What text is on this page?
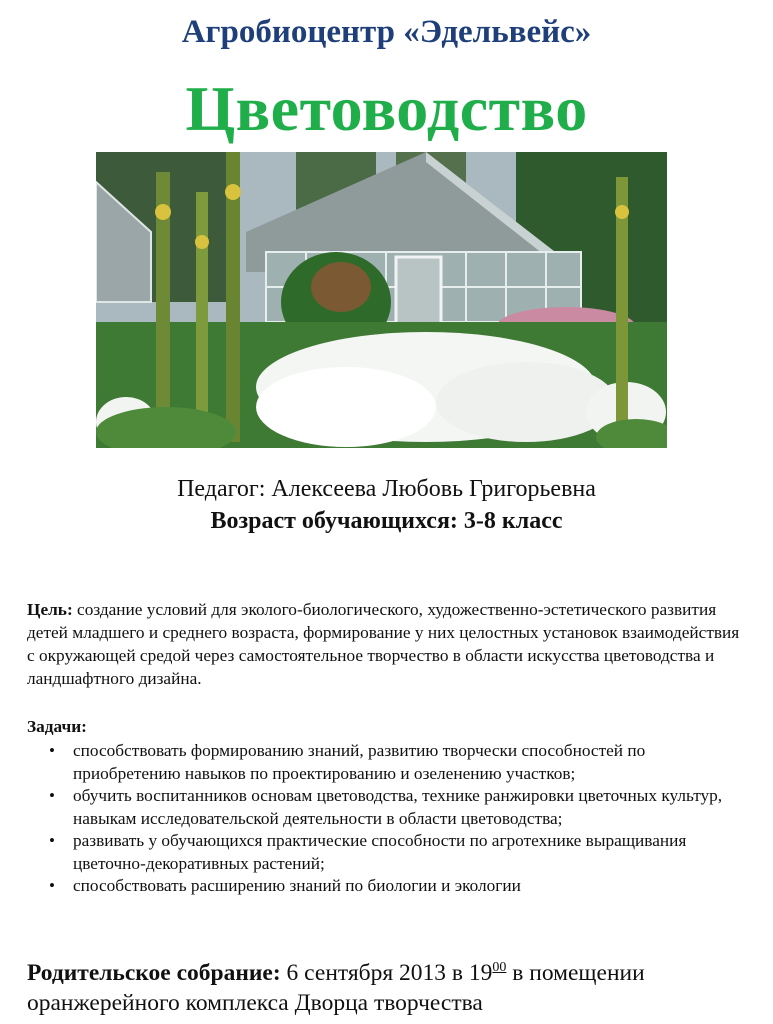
Агробиоцентр «Эдельвейс»
Цветоводство
Педагог: Алексеева Любовь Григорьевна
Возраст обучающихся: 3-8 класс

Цель: создание условий для эколого-биологического, художественно-эстетического развития детей младшего и среднего возраста, формирование у них целостных установок взаимодействия с окружающей средой через самостоятельное творчество в области искусства цветоводства и ландшафтного дизайна.

Задачи:
• способствовать формированию знаний, развитию творчески способностей по приобретению навыков по проектированию и озеленению участков;
• обучить воспитанников основам цветоводства, технике ранжировки цветочных культур, навыкам исследовательской деятельности в области цветоводства;
• развивать у обучающихся практические способности по агротехнике выращивания цветочно-декоративных растений;
• способствовать расширению знаний по биологии и экологии
Родительское собрание: 6 сентября 2013 в $19^{00}$ в помещении оранжерейного комплекса Дворца творчества
